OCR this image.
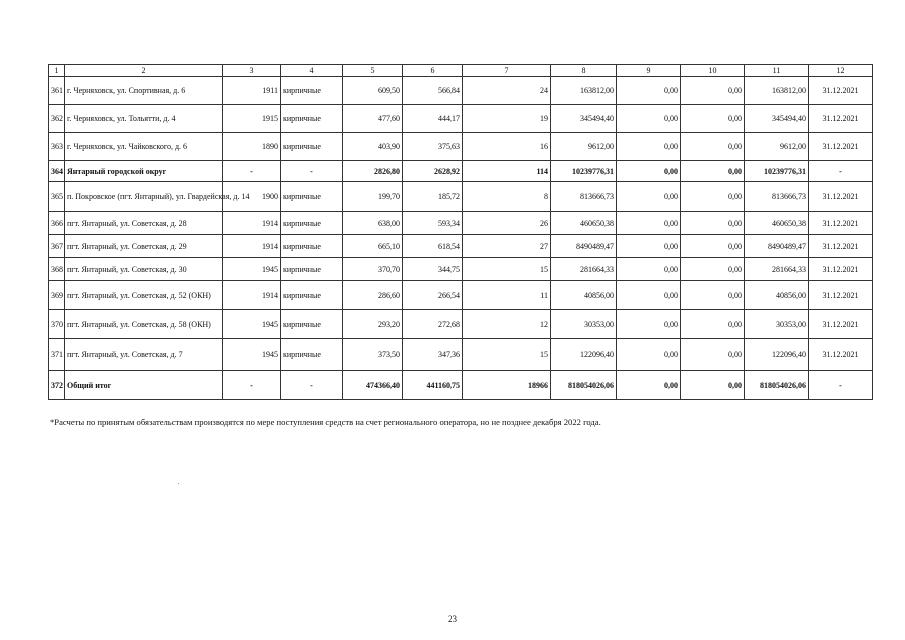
1	2	3	4	5	6	7	8	9	10	11	12
361	г. Черняховск, ул. Спортивная, д. 6	1911	кирпичные	609,50	566,84	24	163812,00	0,00	0,00	163812,00	31.12.2021
362	г. Черняховск, ул. Тольятти, д. 4	1915	кирпичные	477,60	444,17	19	345494,40	0,00	0,00	345494,40	31.12.2021
363	г. Черняховск, ул. Чайковского, д. 6	1890	кирпичные	403,90	375,63	16	9612,00	0,00	0,00	9612,00	31.12.2021
364	Янтарный городской округ	-	-	2826,80	2628,92	114	10239776,31	0,00	0,00	10239776,31	-
365	п. Покровское (пгт. Янтарный), ул. Гвардейская, д. 14	1900	кирпичные	199,70	185,72	8	813666,73	0,00	0,00	813666,73	31.12.2021
366	пгт. Янтарный, ул. Советская, д. 28	1914	кирпичные	638,00	593,34	26	460650,38	0,00	0,00	460650,38	31.12.2021
367	пгт. Янтарный, ул. Советская, д. 29	1914	кирпичные	665,10	618,54	27	8490489,47	0,00	0,00	8490489,47	31.12.2021
368	пгт. Янтарный, ул. Советская, д. 30	1945	кирпичные	370,70	344,75	15	281664,33	0,00	0,00	281664,33	31.12.2021
369	пгт. Янтарный, ул. Советская, д. 52 (ОКН)	1914	кирпичные	286,60	266,54	11	40856,00	0,00	0,00	40856,00	31.12.2021
370	пгт. Янтарный, ул. Советская, д. 58 (ОКН)	1945	кирпичные	293,20	272,68	12	30353,00	0,00	0,00	30353,00	31.12.2021
371	пгт. Янтарный, ул. Советская, д. 7	1945	кирпичные	373,50	347,36	15	122096,40	0,00	0,00	122096,40	31.12.2021
372	Общий итог	-	-	474366,40	441160,75	18966	818054026,06	0,00	0,00	818054026,06	-
*Расчеты по принятым обязательствам производятся по мере поступления средств на счет регионального оператора, но не позднее декабря 2022 года.
23
